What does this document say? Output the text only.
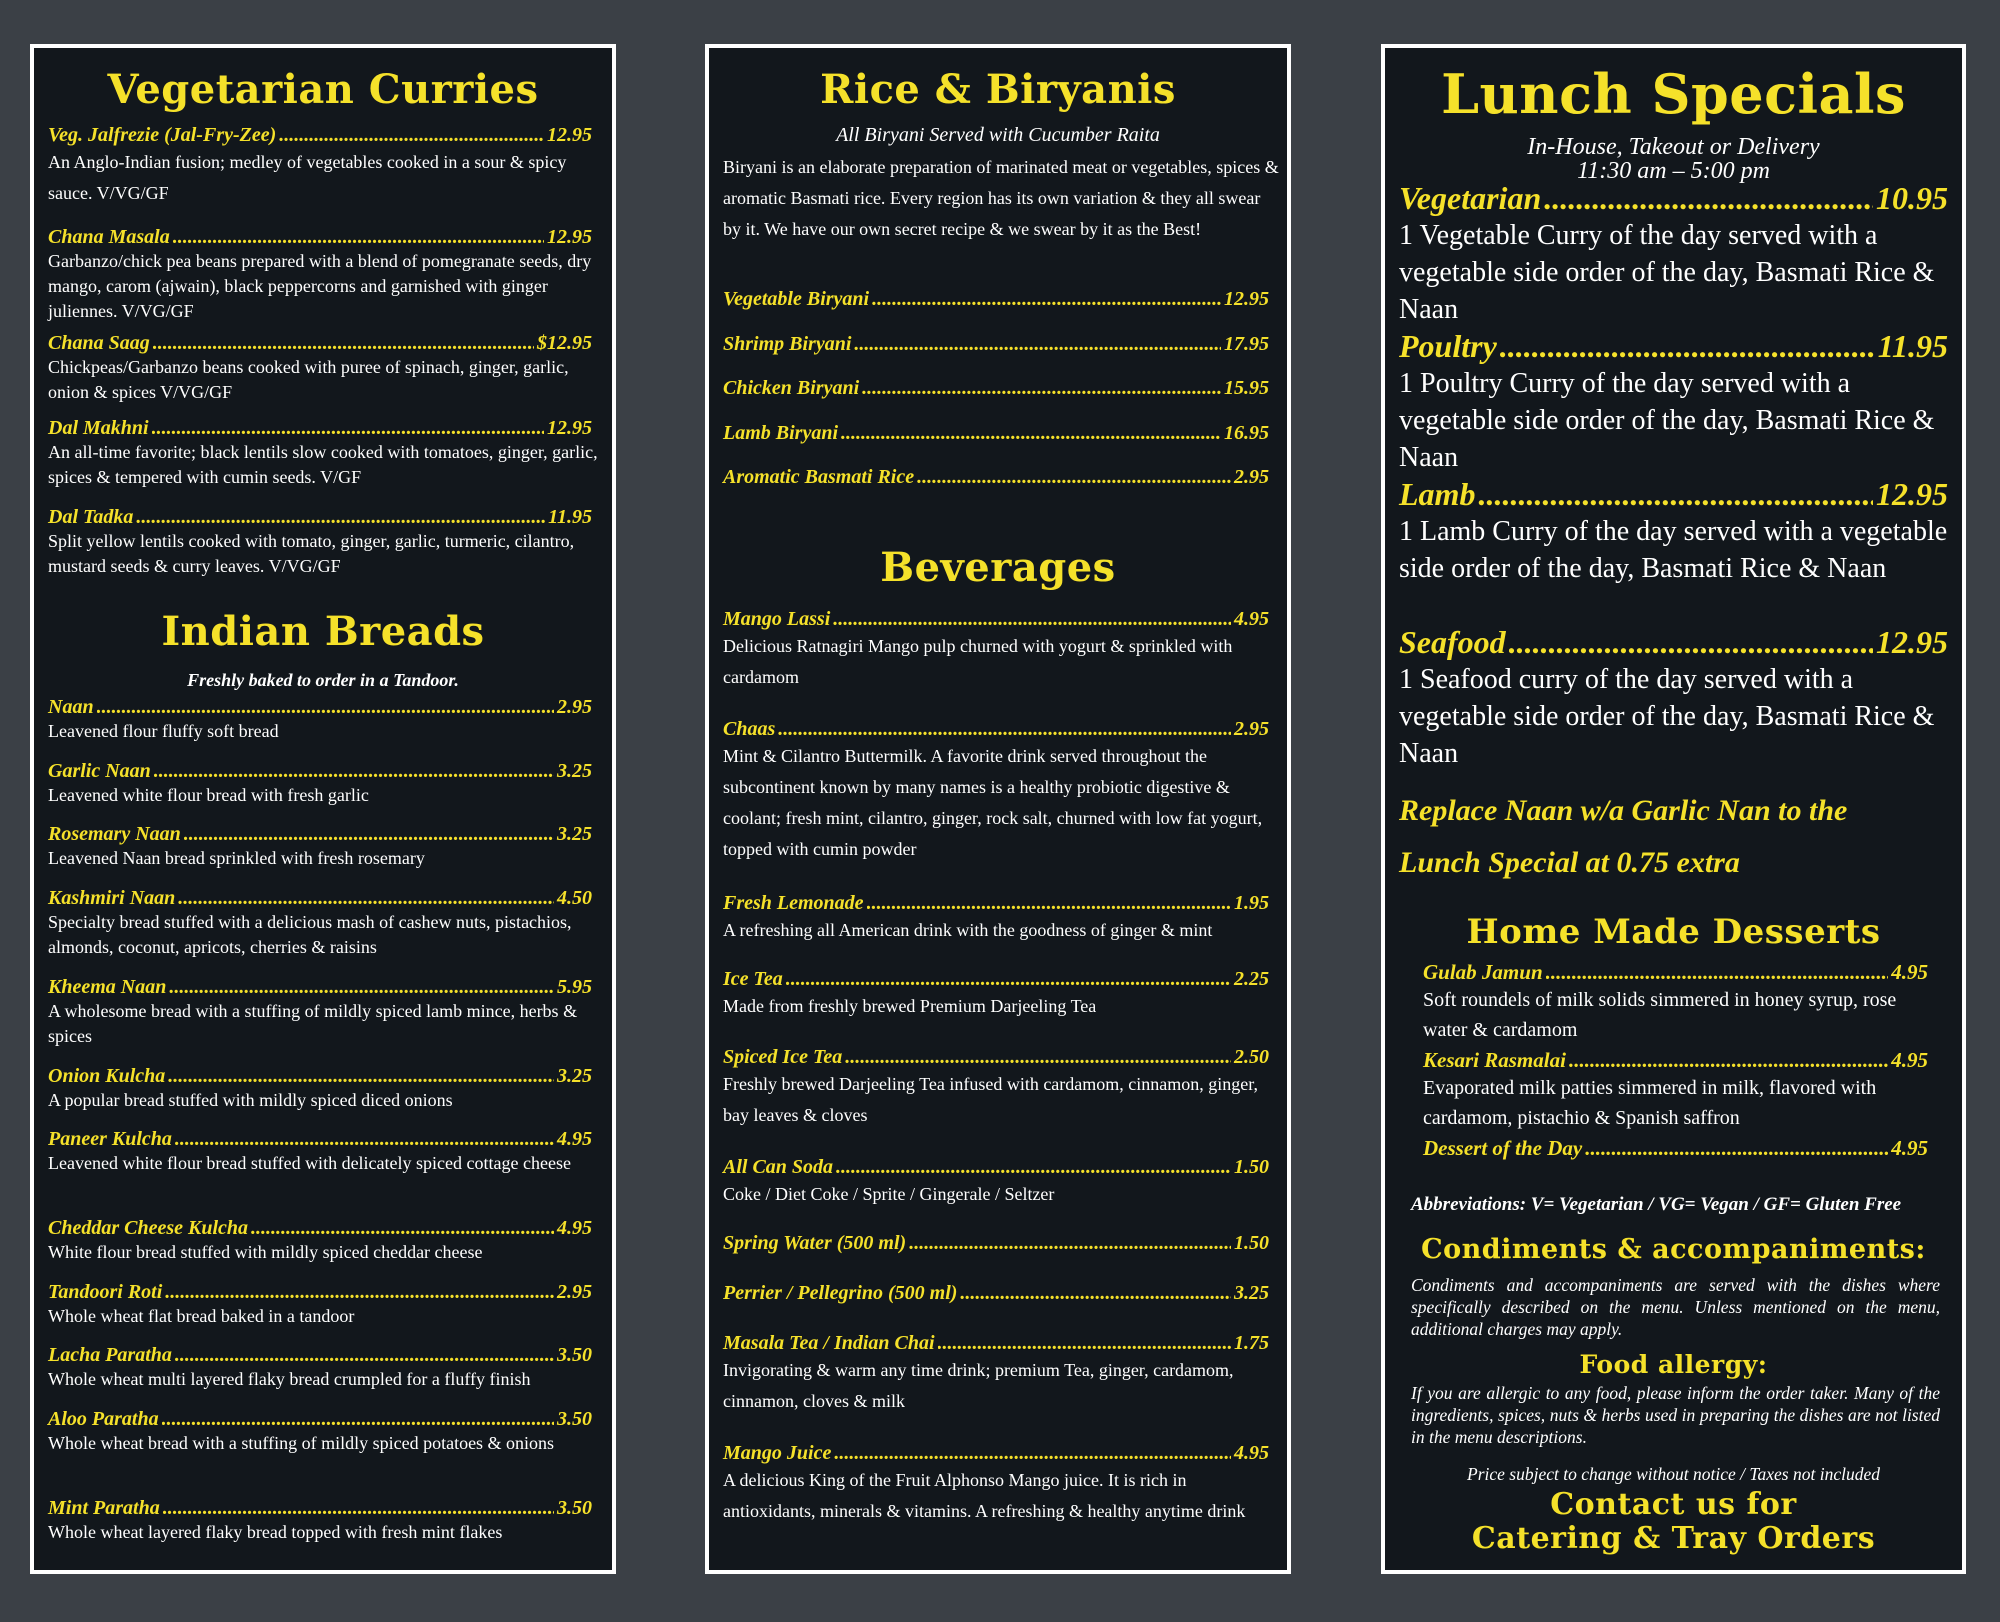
Vegetarian Curries
Veg. Jalfrezie (Jal-Fry-Zee) .....	12.95
An Anglo-Indian fusion; medley of vegetables cooked in a sour & spicy sauce. V/VG/GF
Chana Masala .....	12.95
Garbanzo/chick pea beans prepared with a blend of pomegranate seeds, dry mango, carom (ajwain), black peppercorns and garnished with ginger juliennes. V/VG/GF
Chana Saag .....	$12.95
Chickpeas/Garbanzo beans cooked with puree of spinach, ginger, garlic, onion & spices V/VG/GF
Dal Makhni .....	12.95
An all-time favorite; black lentils slow cooked with tomatoes, ginger, garlic, spices & tempered with cumin seeds. V/GF
Dal Tadka .....	11.95
Split yellow lentils cooked with tomato, ginger, garlic, turmeric, cilantro, mustard seeds & curry leaves. V/VG/GF
Indian Breads
Freshly baked to order in a Tandoor.
Naan .....	2.95
Leavened flour fluffy soft bread
Garlic Naan .....	3.25
Leavened white flour bread with fresh garlic
Rosemary Naan .....	3.25
Leavened Naan bread sprinkled with fresh rosemary
Kashmiri Naan .....	4.50
Specialty bread stuffed with a delicious mash of cashew nuts, pistachios, almonds, coconut, apricots, cherries & raisins
Kheema Naan .....	5.95
A wholesome bread with a stuffing of mildly spiced lamb mince, herbs & spices
Onion Kulcha .....	3.25
A popular bread stuffed with mildly spiced diced onions
Paneer Kulcha .....	4.95
Leavened white flour bread stuffed with delicately spiced cottage cheese
Cheddar Cheese Kulcha .....	4.95
White flour bread stuffed with mildly spiced cheddar cheese
Tandoori Roti .....	2.95
Whole wheat flat bread baked in a tandoor
Lacha Paratha .....	3.50
Whole wheat multi layered flaky bread crumpled for a fluffy finish
Aloo Paratha .....	3.50
Whole wheat bread with a stuffing of mildly spiced potatoes & onions
Mint Paratha .....	3.50
Whole wheat layered flaky bread topped with fresh mint flakes
Rice & Biryanis
All Biryani Served with Cucumber Raita
Biryani is an elaborate preparation of marinated meat or vegetables, spices & aromatic Basmati rice. Every region has its own variation & they all swear by it. We have our own secret recipe & we swear by it as the Best!
Vegetable Biryani .....	12.95
Shrimp Biryani .....	17.95
Chicken Biryani .....	15.95
Lamb Biryani .....	16.95
Aromatic Basmati Rice .....	2.95
Beverages
Mango Lassi .....	4.95
Delicious Ratnagiri Mango pulp churned with yogurt & sprinkled with cardamom
Chaas .....	2.95
Mint & Cilantro Buttermilk. A favorite drink served throughout the subcontinent known by many names is a healthy probiotic digestive & coolant; fresh mint, cilantro, ginger, rock salt, churned with low fat yogurt, topped with cumin powder
Fresh Lemonade .....	1.95
A refreshing all American drink with the goodness of ginger & mint
Ice Tea .....	2.25
Made from freshly brewed Premium Darjeeling Tea
Spiced Ice Tea .....	2.50
Freshly brewed Darjeeling Tea infused with cardamom, cinnamon, ginger, bay leaves & cloves
All Can Soda .....	1.50
Coke / Diet Coke / Sprite / Gingerale / Seltzer
Spring Water (500 ml) .....	1.50
Perrier / Pellegrino (500 ml) .....	3.25
Masala Tea / Indian Chai .....	1.75
Invigorating & warm any time drink; premium Tea, ginger, cardamom, cinnamon, cloves & milk
Mango Juice .....	4.95
A delicious King of the Fruit Alphonso Mango juice. It is rich in antioxidants, minerals & vitamins. A refreshing & healthy anytime drink
Lunch Specials
In-House, Takeout or Delivery
11:30 am – 5:00 pm
Vegetarian .....	10.95
1 Vegetable Curry of the day served with a vegetable side order of the day, Basmati Rice & Naan
Poultry .....	11.95
1 Poultry Curry of the day served with a vegetable side order of the day, Basmati Rice & Naan
Lamb .....	12.95
1 Lamb Curry of the day served with a vegetable side order of the day, Basmati Rice & Naan
Seafood .....	12.95
1 Seafood curry of the day served with a vegetable side order of the day, Basmati Rice & Naan
Replace Naan w/a Garlic Nan to the
Lunch Special at 0.75 extra
Home Made Desserts
Gulab Jamun .....	4.95
Soft roundels of milk solids simmered in honey syrup, rose water & cardamom
Kesari Rasmalai .....	4.95
Evaporated milk patties simmered in milk, flavored with cardamom, pistachio & Spanish saffron
Dessert of the Day .....	4.95
Abbreviations: V= Vegetarian / VG= Vegan / GF= Gluten Free
Condiments & accompaniments:
Condiments and accompaniments are served with the dishes where specifically described on the menu. Unless mentioned on the menu, additional charges may apply.
Food allergy:
If you are allergic to any food, please inform the order taker. Many of the ingredients, spices, nuts & herbs used in preparing the dishes are not listed in the menu descriptions.
Price subject to change without notice / Taxes not included
Contact us for
Catering & Tray Orders
